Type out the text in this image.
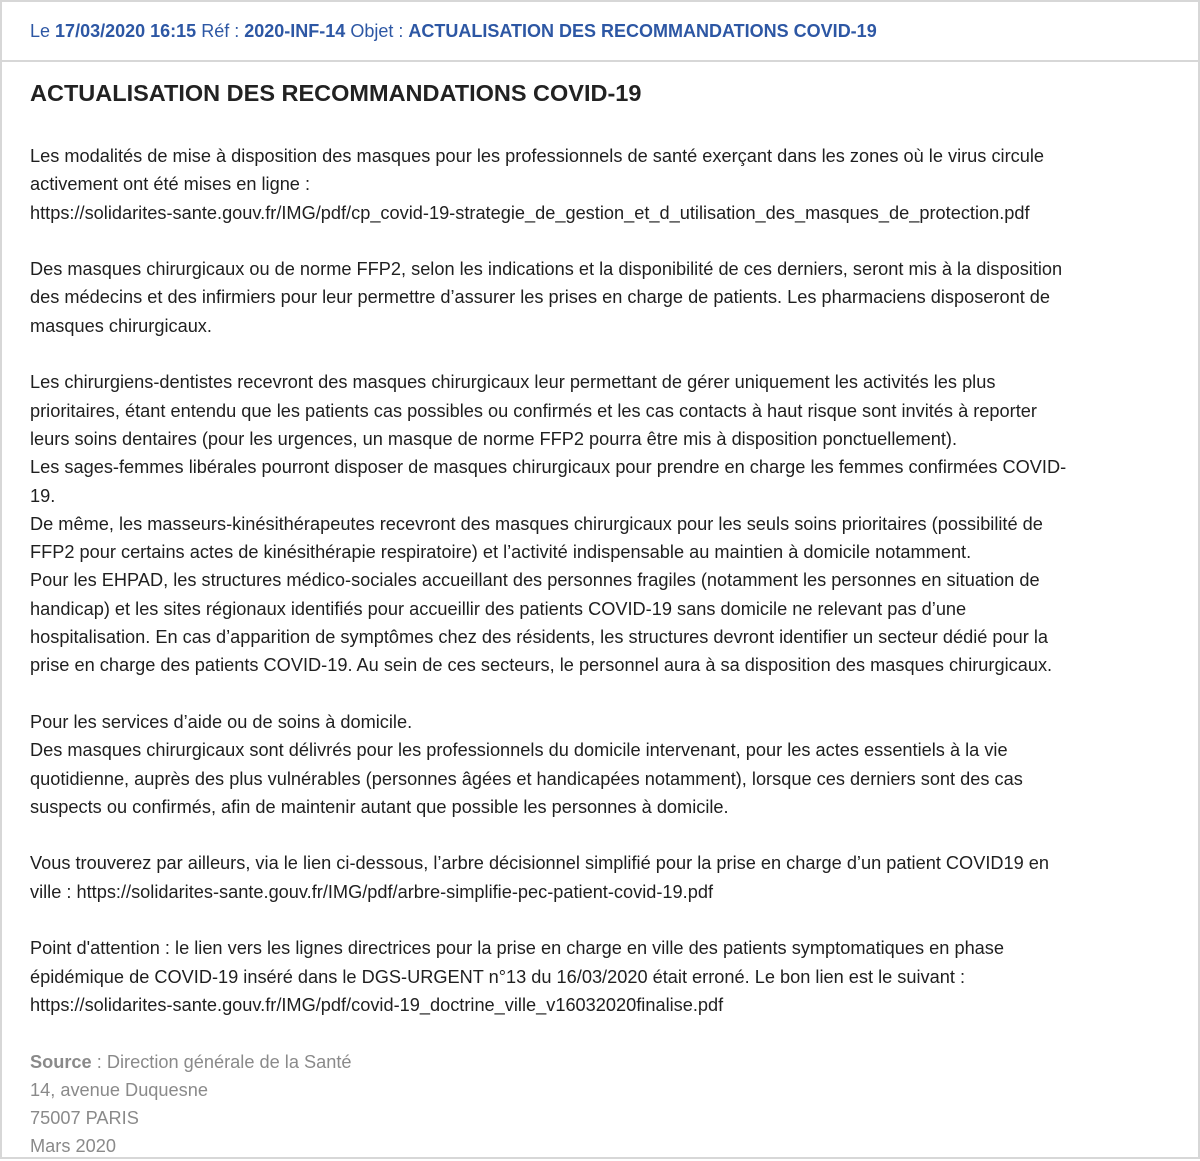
Le
17/03/2020 16:15
Réf :
2020-INF-14
Objet :
ACTUALISATION DES RECOMMANDATIONS COVID-19
ACTUALISATION DES RECOMMANDATIONS COVID-19

Les modalités de mise à disposition des masques pour les professionnels de santé exerçant dans les zones où le virus circule
activement ont été mises en ligne :
https://solidarites-sante.gouv.fr/IMG/pdf/cp_covid-19-strategie_de_gestion_et_d_utilisation_des_masques_de_protection.pdf

Des masques chirurgicaux ou de norme FFP2, selon les indications et la disponibilité de ces derniers, seront mis à la disposition
des médecins et des infirmiers pour leur permettre d’assurer les prises en charge de patients. Les pharmaciens disposeront de
masques chirurgicaux.

Les chirurgiens-dentistes recevront des masques chirurgicaux leur permettant de gérer uniquement les activités les plus
prioritaires, étant entendu que les patients cas possibles ou confirmés et les cas contacts à haut risque sont invités à reporter
leurs soins dentaires (pour les urgences, un masque de norme FFP2 pourra être mis à disposition ponctuellement).
Les sages-femmes libérales pourront disposer de masques chirurgicaux pour prendre en charge les femmes confirmées COVID-
19.
De même, les masseurs-kinésithérapeutes recevront des masques chirurgicaux pour les seuls soins prioritaires (possibilité de
FFP2 pour certains actes de kinésithérapie respiratoire) et l’activité indispensable au maintien à domicile notamment.
Pour les EHPAD, les structures médico-sociales accueillant des personnes fragiles (notamment les personnes en situation de
handicap) et les sites régionaux identifiés pour accueillir des patients COVID-19 sans domicile ne relevant pas d’une
hospitalisation. En cas d’apparition de symptômes chez des résidents, les structures devront identifier un secteur dédié pour la
prise en charge des patients COVID-19. Au sein de ces secteurs, le personnel aura à sa disposition des masques chirurgicaux.

Pour les services d’aide ou de soins à domicile.
Des masques chirurgicaux sont délivrés pour les professionnels du domicile intervenant, pour les actes essentiels à la vie
quotidienne, auprès des plus vulnérables (personnes âgées et handicapées notamment), lorsque ces derniers sont des cas
suspects ou confirmés, afin de maintenir autant que possible les personnes à domicile.

Vous trouverez par ailleurs, via le lien ci-dessous, l’arbre décisionnel simplifié pour la prise en charge d’un patient COVID19 en
ville : https://solidarites-sante.gouv.fr/IMG/pdf/arbre-simplifie-pec-patient-covid-19.pdf

Point d'attention : le lien vers les lignes directrices pour la prise en charge en ville des patients symptomatiques en phase
épidémique de COVID-19 inséré dans le DGS-URGENT n°13 du 16/03/2020 était erroné. Le bon lien est le suivant :
https://solidarites-sante.gouv.fr/IMG/pdf/covid-19_doctrine_ville_v16032020finalise.pdf

Source : Direction générale de la Santé
14, avenue Duquesne
75007 PARIS
Mars 2020
